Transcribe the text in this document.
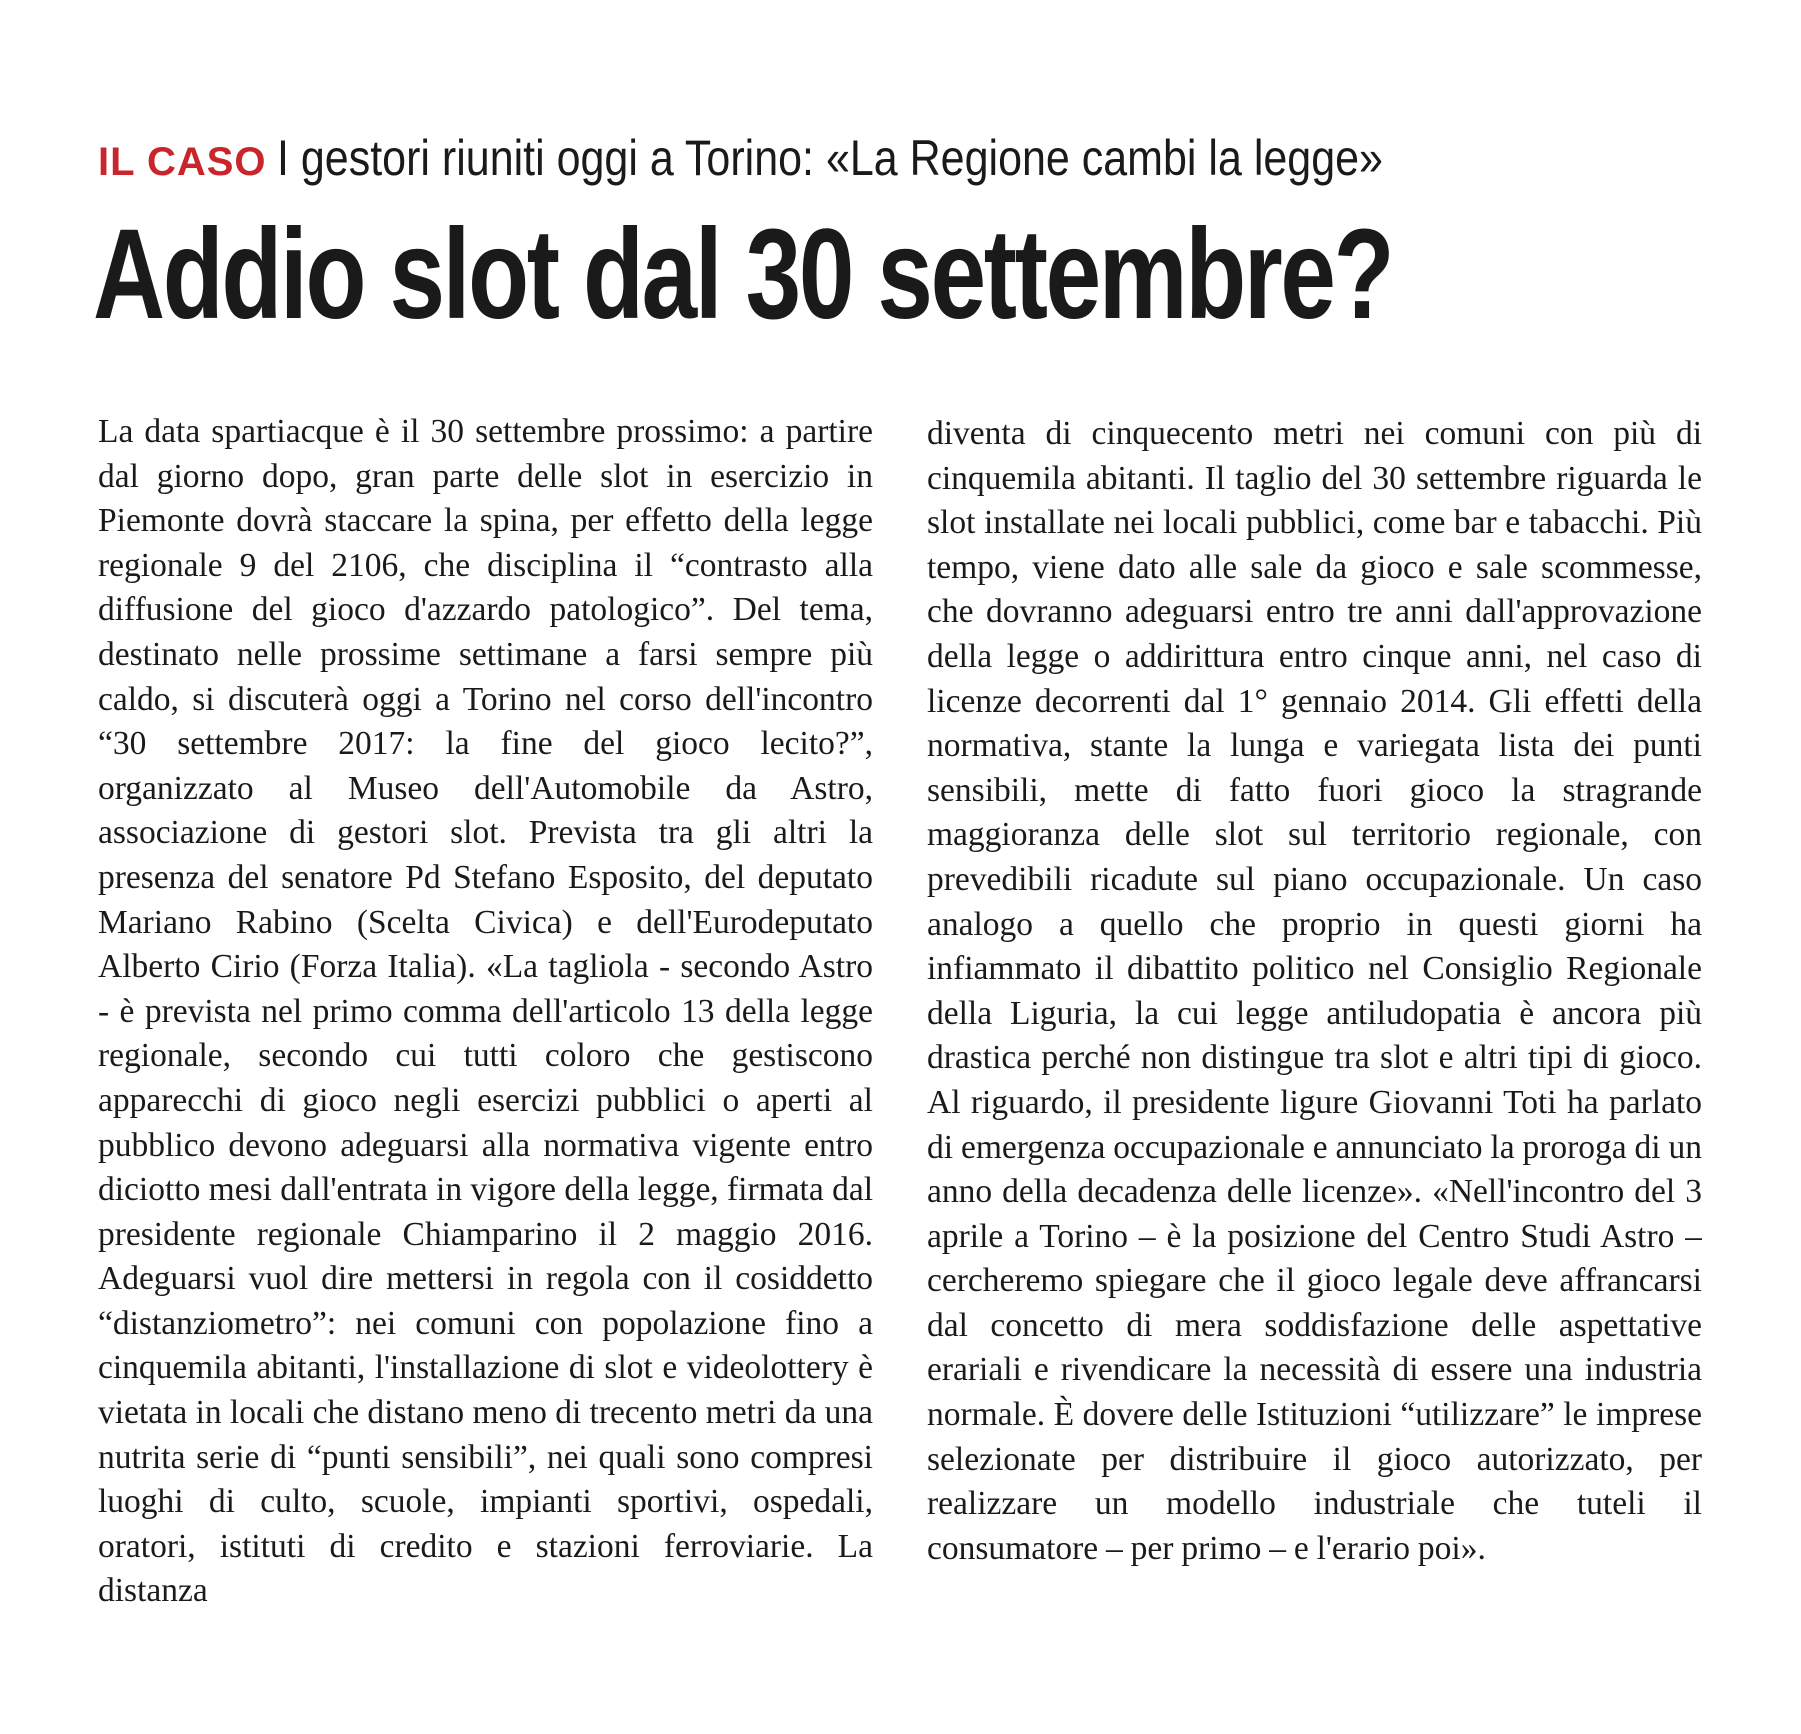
IL CASO I gestori riuniti oggi a Torino: «La Regione cambi la legge»
Addio slot dal 30 settembre?

La data spartiacque è il 30 settembre prossimo: a partire dal giorno dopo, gran parte delle slot in esercizio in Piemonte dovrà staccare la spina, per effetto della legge regionale 9 del 2106, che disciplina il “contrasto alla diffusione del gioco d'azzardo patologico”. Del tema, destinato nelle prossime settimane a farsi sempre più caldo, si discuterà oggi a Torino nel corso dell'incontro “30 settembre 2017: la fine del gioco lecito?”, organizzato al Museo dell'Automobile da Astro, associazione di gestori slot. Prevista tra gli altri la presenza del senatore Pd Stefano Esposito, del deputato Mariano Rabino (Scelta Civica) e dell'Eurodeputato Alberto Cirio (Forza Italia). «La tagliola - secondo Astro - è prevista nel primo comma dell'articolo 13 della legge regionale, secondo cui tutti coloro che gestiscono apparecchi di gioco negli esercizi pubblici o aperti al pubblico devono adeguarsi alla normativa vigente entro diciotto mesi dall'entrata in vigore della legge, firmata dal presidente regionale Chiamparino il 2 maggio 2016. Adeguarsi vuol dire mettersi in regola con il cosiddetto “distanziometro”: nei comuni con popolazione fino a cinquemila abitanti, l'installazione di slot e videolottery è vietata in locali che distano meno di trecento metri da una nutrita serie di “punti sensibili”, nei quali sono compresi luoghi di culto, scuole, impianti sportivi, ospedali, oratori, istituti di credito e stazioni ferroviarie. La distanza

diventa di cinquecento metri nei comuni con più di cinquemila abitanti. Il taglio del 30 settembre riguarda le slot installate nei locali pubblici, come bar e tabacchi. Più tempo, viene dato alle sale da gioco e sale scommesse, che dovranno adeguarsi entro tre anni dall'approvazione della legge o addirittura entro cinque anni, nel caso di licenze decorrenti dal 1° gennaio 2014. Gli effetti della normativa, stante la lunga e variegata lista dei punti sensibili, mette di fatto fuori gioco la stragrande maggioranza delle slot sul territorio regionale, con prevedibili ricadute sul piano occupazionale. Un caso analogo a quello che proprio in questi giorni ha infiammato il dibattito politico nel Consiglio Regionale della Liguria, la cui legge antiludopatia è ancora più drastica perché non distingue tra slot e altri tipi di gioco. Al riguardo, il presidente ligure Giovanni Toti ha parlato di emergenza occupazionale e annunciato la proroga di un anno della decadenza delle licenze». «Nell'incontro del 3 aprile a Torino – è la posizione del Centro Studi Astro – cercheremo spiegare che il gioco legale deve affrancarsi dal concetto di mera soddisfazione delle aspettative erariali e rivendicare la necessità di essere una industria normale. È dovere delle Istituzioni “utilizzare” le imprese selezionate per distribuire il gioco autorizzato, per realizzare un modello industriale che tuteli il consumatore – per primo – e l'erario poi».
